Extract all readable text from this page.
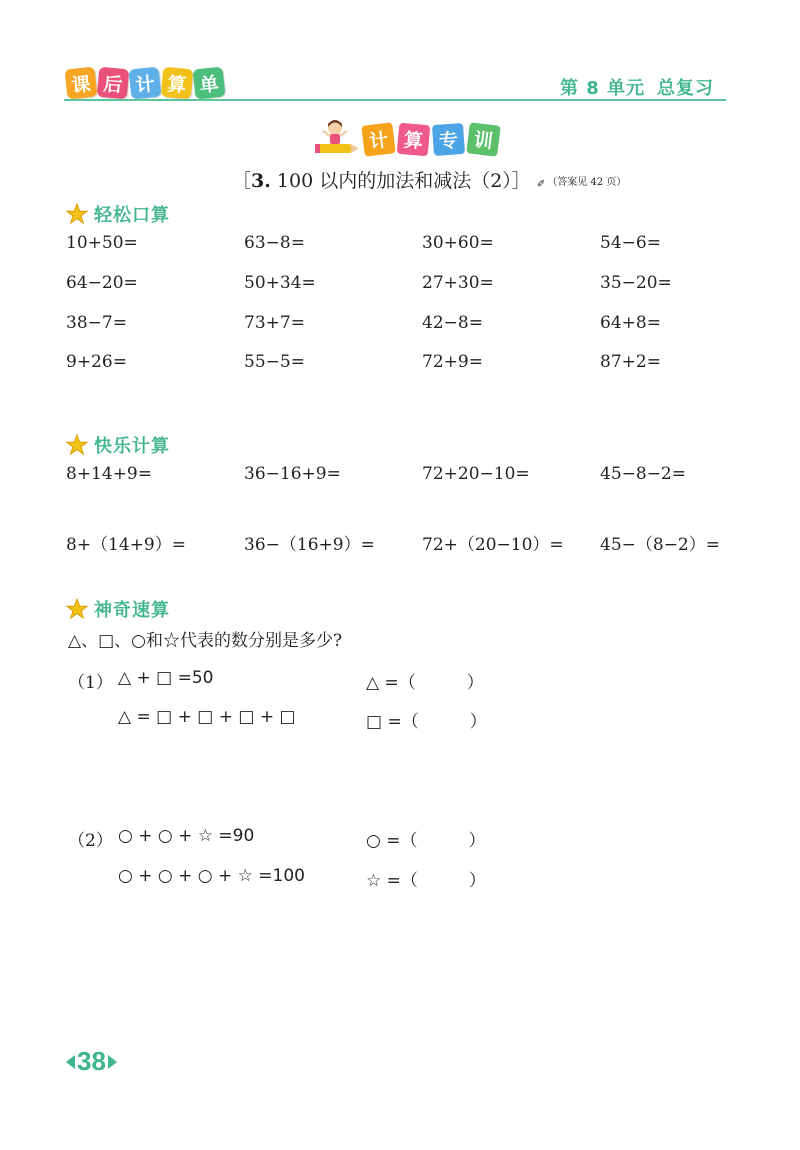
课 后 计 算 单	第 8 单元 总复习
计 算 专 训
［3. 100 以内的加法和减法（2）］ ✐ （答案见 42 页）
轻松口算
10+50=	63−8=	30+60=	54−6=
64−20=	50+34=	27+30=	35−20=
38−7=	73+7=	42−8=	64+8=
9+26=	55−5=	72+9=	87+2=
快乐计算
8+14+9=	36−16+9=	72+20−10=	45−8−2=
8+（14+9）=	36−（16+9）=	72+（20−10）= 45−（8−2）=
神奇速算
△、□、○和☆代表的数分别是多少?
（1） △ + □ =50
△ = □ + □ + □ + □
△ =（　　　）
□ =（　　　）
（2） ○ + ○ + ☆ =90
○ + ○ + ○ + ☆ =100
○ =（　　　）
☆ =（　　　）
38
